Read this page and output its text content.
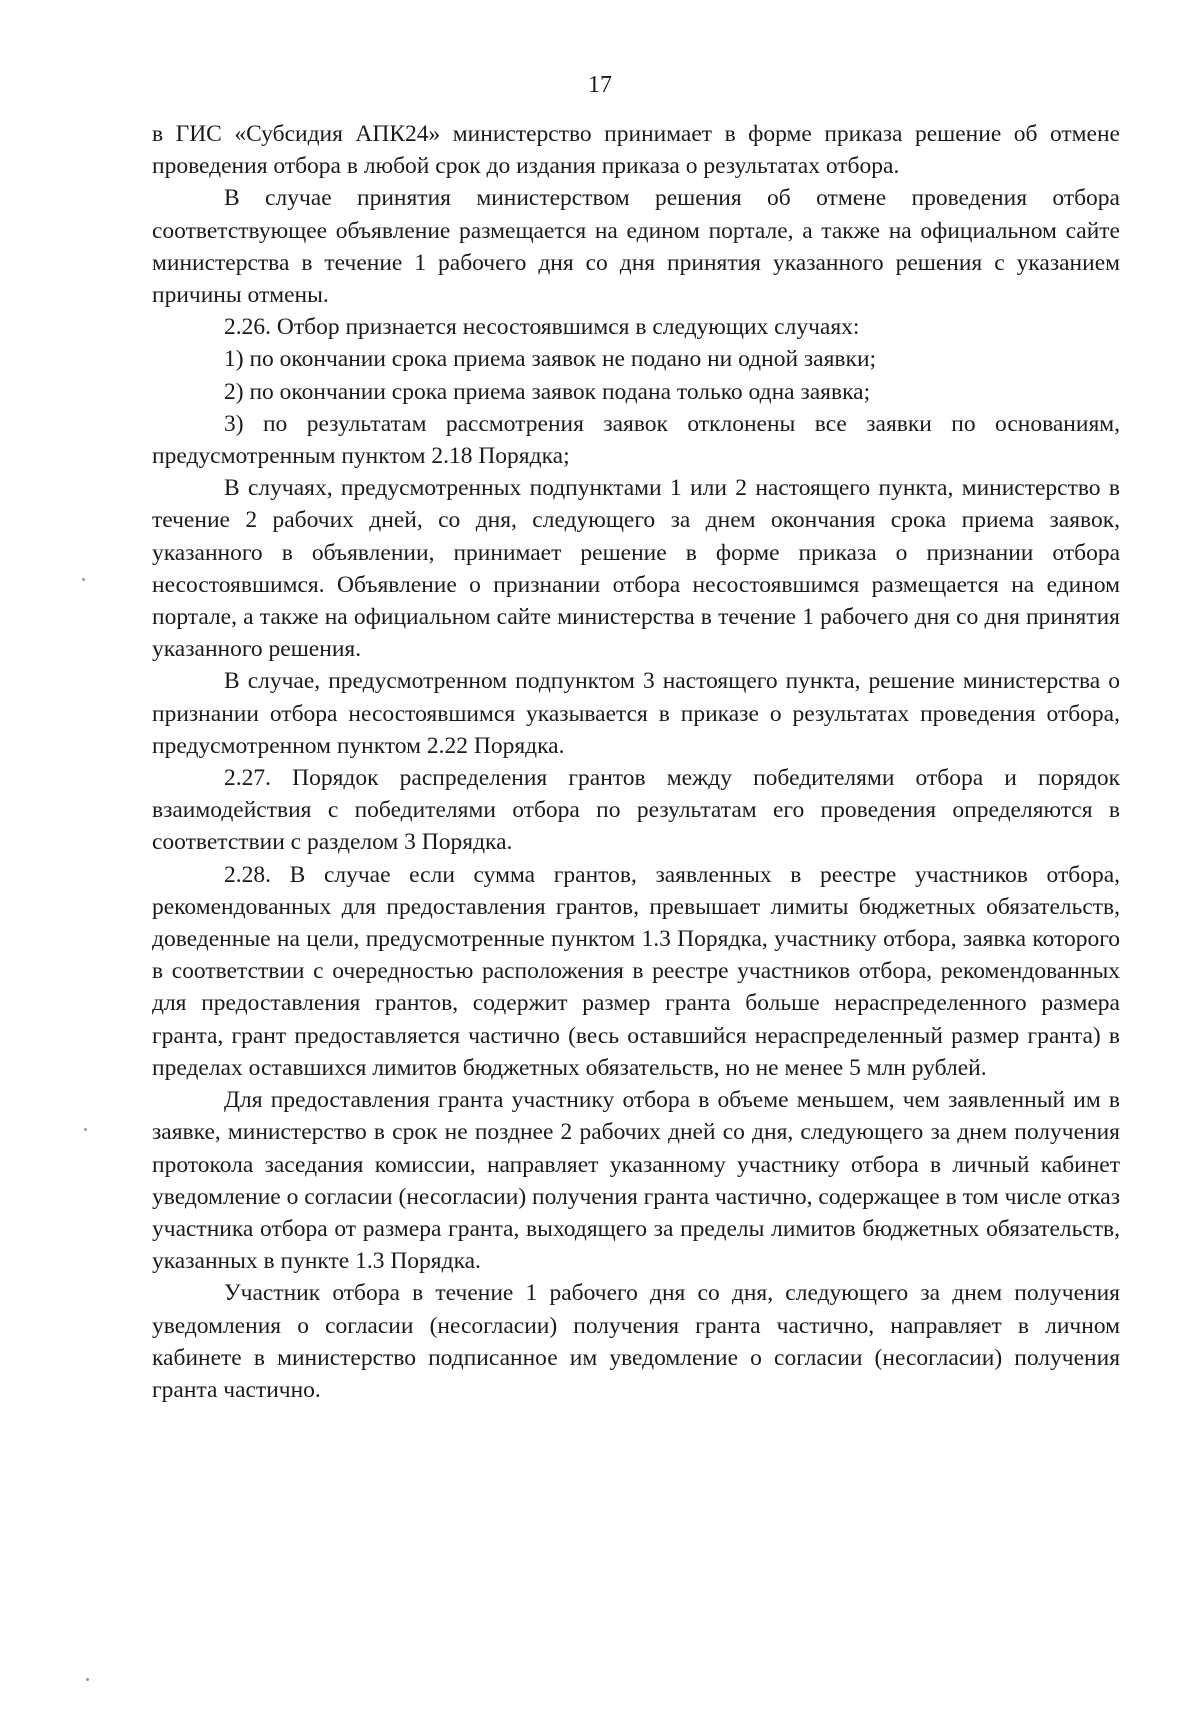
17

в ГИС «Субсидия АПК24» министерство принимает в форме приказа решение об отмене проведения отбора в любой срок до издания приказа о результатах отбора.

В случае принятия министерством решения об отмене проведения отбора соответствующее объявление размещается на едином портале, а также на официальном сайте министерства в течение 1 рабочего дня со дня принятия указанного решения с указанием причины отмены.

2.26. Отбор признается несостоявшимся в следующих случаях:

1) по окончании срока приема заявок не подано ни одной заявки;

2) по окончании срока приема заявок подана только одна заявка;

3) по результатам рассмотрения заявок отклонены все заявки по основаниям, предусмотренным пунктом 2.18 Порядка;

В случаях, предусмотренных подпунктами 1 или 2 настоящего пункта, министерство в течение 2 рабочих дней, со дня, следующего за днем окончания срока приема заявок, указанного в объявлении, принимает решение в форме приказа о признании отбора несостоявшимся. Объявление о признании отбора несостоявшимся размещается на едином портале, а также на официальном сайте министерства в течение 1 рабочего дня со дня принятия указанного решения.

В случае, предусмотренном подпунктом 3 настоящего пункта, решение министерства о признании отбора несостоявшимся указывается в приказе о результатах проведения отбора, предусмотренном пунктом 2.22 Порядка.

2.27. Порядок распределения грантов между победителями отбора и порядок взаимодействия с победителями отбора по результатам его проведения определяются в соответствии с разделом 3 Порядка.

2.28. В случае если сумма грантов, заявленных в реестре участников отбора, рекомендованных для предоставления грантов, превышает лимиты бюджетных обязательств, доведенные на цели, предусмотренные пунктом 1.3 Порядка, участнику отбора, заявка которого в соответствии с очередностью расположения в реестре участников отбора, рекомендованных для предоставления грантов, содержит размер гранта больше нераспределенного размера гранта, грант предоставляется частично (весь оставшийся нераспределенный размер гранта) в пределах оставшихся лимитов бюджетных обязательств, но не менее 5 млн рублей.

Для предоставления гранта участнику отбора в объеме меньшем, чем заявленный им в заявке, министерство в срок не позднее 2 рабочих дней со дня, следующего за днем получения протокола заседания комиссии, направляет указанному участнику отбора в личный кабинет уведомление о согласии (несогласии) получения гранта частично, содержащее в том числе отказ участника отбора от размера гранта, выходящего за пределы лимитов бюджетных обязательств, указанных в пункте 1.3 Порядка.

Участник отбора в течение 1 рабочего дня со дня, следующего за днем получения уведомления о согласии (несогласии) получения гранта частично, направляет в личном кабинете в министерство подписанное им уведомление о согласии (несогласии) получения гранта частично.
